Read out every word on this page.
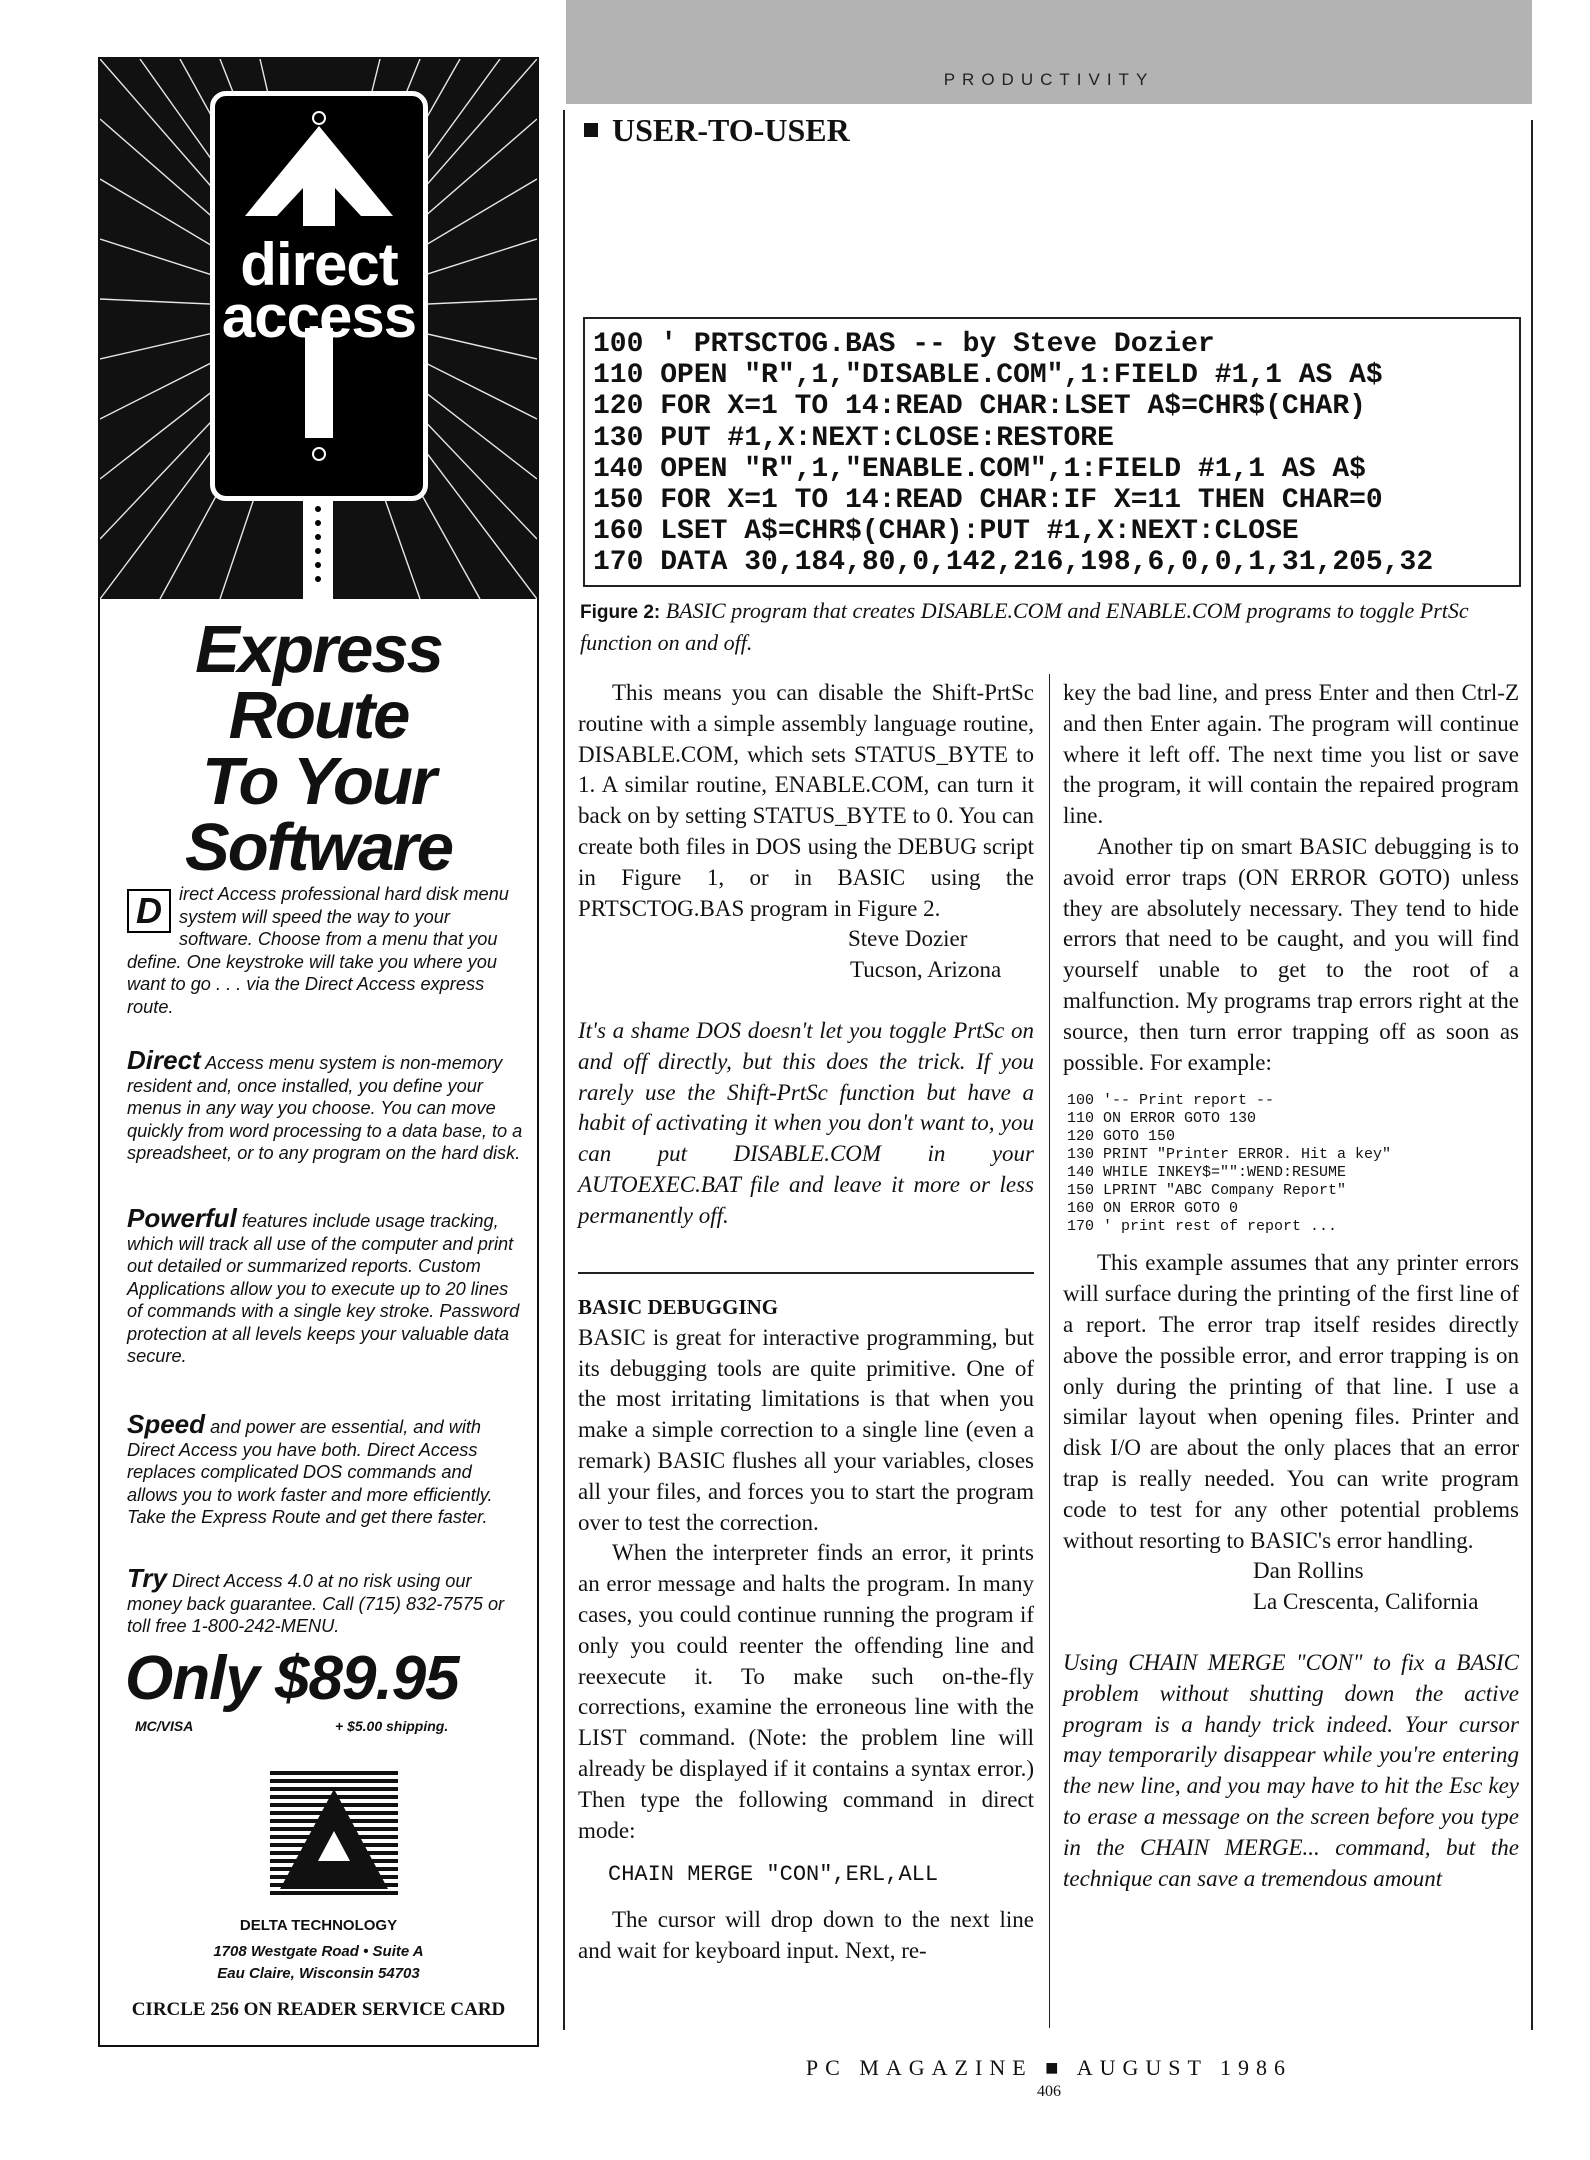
direct
access
Express
Route
To Your
Software
D irect Access professional hard disk menu system will speed the way to your software. Choose from a menu that you define. One keystroke will take you where you want to go . . . via the Direct Access express route.
Direct Access menu system is non-memory resident and, once installed, you define your menus in any way you choose. You can move quickly from word processing to a data base, to a spreadsheet, or to any program on the hard disk.
Powerful features include usage tracking, which will track all use of the computer and print out detailed or summarized reports. Custom Applications allow you to execute up to 20 lines of commands with a single key stroke. Password protection at all levels keeps your valuable data secure.
Speed and power are essential, and with Direct Access you have both. Direct Access replaces complicated DOS commands and allows you to work faster and more efficiently. Take the Express Route and get there faster.
Try Direct Access 4.0 at no risk using our money back guarantee. Call (715) 832-7575 or toll free 1-800-242-MENU.
Only $89.95
MC/VISA	+ $5.00 shipping.
DELTA TECHNOLOGY
1708 Westgate Road • Suite A
Eau Claire, Wisconsin 54703
CIRCLE 256 ON READER SERVICE CARD
PRODUCTIVITY
USER-TO-USER
100 ' PRTSCTOG.BAS -- by Steve Dozier
110 OPEN "R",1,"DISABLE.COM",1:FIELD #1,1 AS A$
120 FOR X=1 TO 14:READ CHAR:LSET A$=CHR$(CHAR)
130 PUT #1,X:NEXT:CLOSE:RESTORE
140 OPEN "R",1,"ENABLE.COM",1:FIELD #1,1 AS A$
150 FOR X=1 TO 14:READ CHAR:IF X=11 THEN CHAR=0
160 LSET A$=CHR$(CHAR):PUT #1,X:NEXT:CLOSE
170 DATA 30,184,80,0,142,216,198,6,0,0,1,31,205,32
Figure 2: BASIC program that creates DISABLE.COM and ENABLE.COM programs to toggle PrtSc function on and off.

This means you can disable the Shift-PrtSc routine with a simple assembly language routine, DISABLE.COM, which sets STATUS_BYTE to 1. A similar routine, ENABLE.COM, can turn it back on by setting STATUS_BYTE to 0. You can create both files in DOS using the DEBUG script in Figure 1, or in BASIC using the PRTSCTOG.BAS program in Figure 2.

Steve Dozier

Tucson, Arizona

It's a shame DOS doesn't let you toggle PrtSc on and off directly, but this does the trick. If you rarely use the Shift-PrtSc function but have a habit of activating it when you don't want to, you can put DISABLE.COM in your AUTOEXEC.BAT file and leave it more or less permanently off.

BASIC DEBUGGING

BASIC is great for interactive programming, but its debugging tools are quite primitive. One of the most irritating limitations is that when you make a simple correction to a single line (even a remark) BASIC flushes all your variables, closes all your files, and forces you to start the program over to test the correction.

When the interpreter finds an error, it prints an error message and halts the program. In many cases, you could continue running the program if only you could reenter the offending line and reexecute it. To make such on-the-fly corrections, examine the erroneous line with the LIST command. (Note: the problem line will already be displayed if it contains a syntax error.) Then type the following command in direct mode:

CHAIN MERGE "CON",ERL,ALL

The cursor will drop down to the next line and wait for keyboard input. Next, re-

key the bad line, and press Enter and then Ctrl-Z and then Enter again. The program will continue where it left off. The next time you list or save the program, it will contain the repaired program line.

Another tip on smart BASIC debugging is to avoid error traps (ON ERROR GOTO) unless they are absolutely necessary. They tend to hide errors that need to be caught, and you will find yourself unable to get to the root of a malfunction. My programs trap errors right at the source, then turn error trapping off as soon as possible. For example:

100 '-- Print report --
110 ON ERROR GOTO 130
120 GOTO 150
130 PRINT "Printer ERROR. Hit a key"
140 WHILE INKEY$="":WEND:RESUME
150 LPRINT "ABC Company Report"
160 ON ERROR GOTO 0
170 ' print rest of report ...

This example assumes that any printer errors will surface during the printing of the first line of a report. The error trap itself resides directly above the possible error, and error trapping is on only during the printing of that line. I use a similar layout when opening files. Printer and disk I/O are about the only places that an error trap is really needed. You can write program code to test for any other potential problems without resorting to BASIC's error handling.

Dan Rollins

La Crescenta, California

Using CHAIN MERGE "CON" to fix a BASIC problem without shutting down the active program is a handy trick indeed. Your cursor may temporarily disappear while you're entering the new line, and you may have to hit the Esc key to erase a message on the screen before you type in the CHAIN MERGE... command, but the technique can save a tremendous amount

PC MAGAZINE ■ AUGUST 1986
406
